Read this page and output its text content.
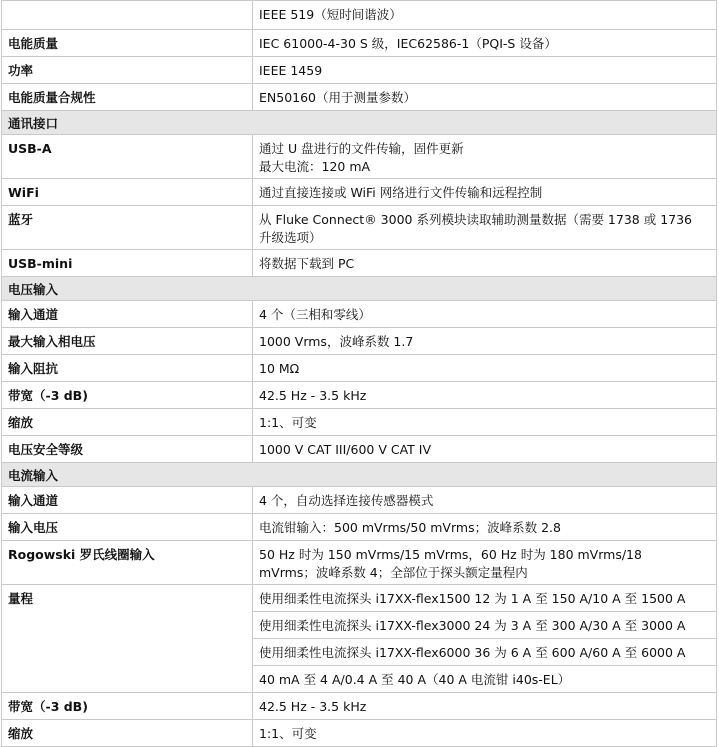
	IEEE 519（短时间谐波）
电能质量	IEC 61000-4-30 S 级，IEC62586-1（PQI-S 设备）
功率	IEEE 1459
电能质量合规性	EN50160（用于测量参数）
通讯接口	
USB-A	通过 U 盘进行的文件传输，固件更新
最大电流：120 mA

WiFi	通过直接连接或 WiFi 网络进行文件传输和远程控制
蓝牙	从 Fluke Connect® 3000 系列模块读取辅助测量数据（需要 1738 或 1736
升级选项）

USB-mini	将数据下载到 PC
电压输入	
输入通道	4 个（三相和零线）
最大输入相电压	1000 Vrms，波峰系数 1.7
输入阻抗	10 MΩ
带宽（-3 dB)	42.5 Hz - 3.5 kHz
缩放	1:1、可变
电压安全等级	1000 V CAT III/600 V CAT IV
电流输入	
输入通道	4 个，自动选择连接传感器模式
输入电压	电流钳输入：500 mVrms/50 mVrms；波峰系数 2.8
Rogowski 罗氏线圈输入	50 Hz 时为 150 mVrms/15 mVrms，60 Hz 时为 180 mVrms/18
mVrms；波峰系数 4；全部位于探头额定量程内

量程	使用细柔性电流探头 i17XX-flex1500 12 为 1 A 至 150 A/10 A 至 1500 A
	使用细柔性电流探头 i17XX-flex3000 24 为 3 A 至 300 A/30 A 至 3000 A
	使用细柔性电流探头 i17XX-flex6000 36 为 6 A 至 600 A/60 A 至 6000 A
	40 mA 至 4 A/0.4 A 至 40 A（40 A 电流钳 i40s-EL）
带宽（-3 dB)	42.5 Hz - 3.5 kHz
缩放	1:1、可变
